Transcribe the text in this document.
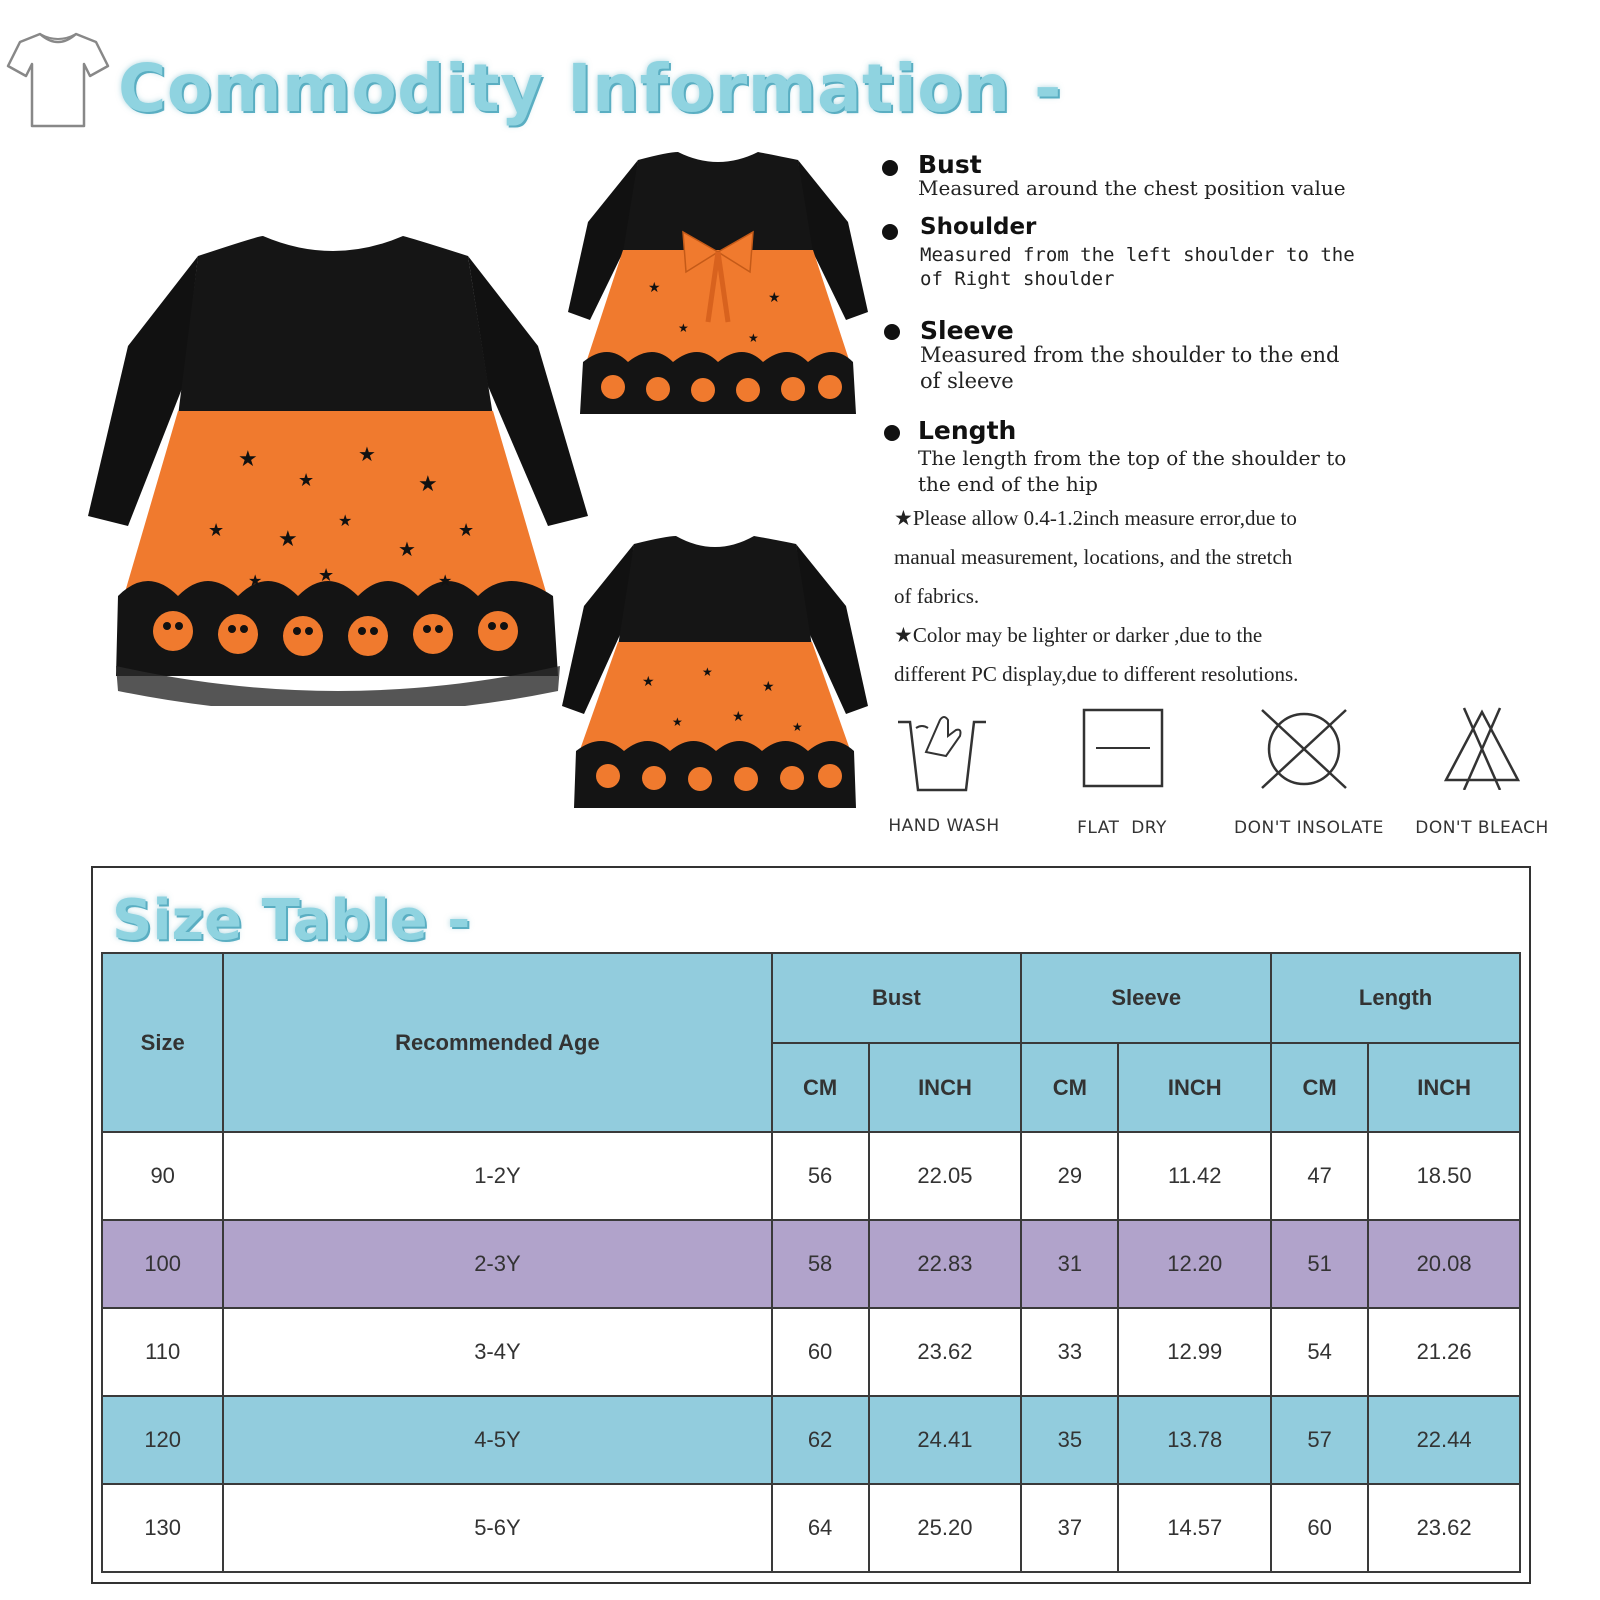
Commodity Information -
★
★
★
★
★ ★
★
★
★
★	★	★
★
★
★
★
★
★
★
★	★
★
Bust
Measured around the chest position value
Shoulder
Measured from the left shoulder to the
of Right shoulder
Sleeve
Measured from the shoulder to the end
of sleeve
Length
The length from the top of the shoulder to
the end of the hip
★Please allow 0.4-1.2inch measure error,due to
manual measurement, locations, and the stretch
of fabrics.
★Color may be lighter or darker ,due to the
different PC display,due to different resolutions.
HAND WASH	FLAT  DRY	DON'T INSOLATE DON'T BLEACH
Size Table -
Size	Recommended Age	Bust		Sleeve		Length	
		CM	INCH	CM	INCH	CM	INCH
90	1-2Y	56	22.05	29	11.42	47	18.50
100	2-3Y	58	22.83	31	12.20	51	20.08
110	3-4Y	60	23.62	33	12.99	54	21.26
120	4-5Y	62	24.41	35	13.78	57	22.44
130	5-6Y	64	25.20	37	14.57	60	23.62
